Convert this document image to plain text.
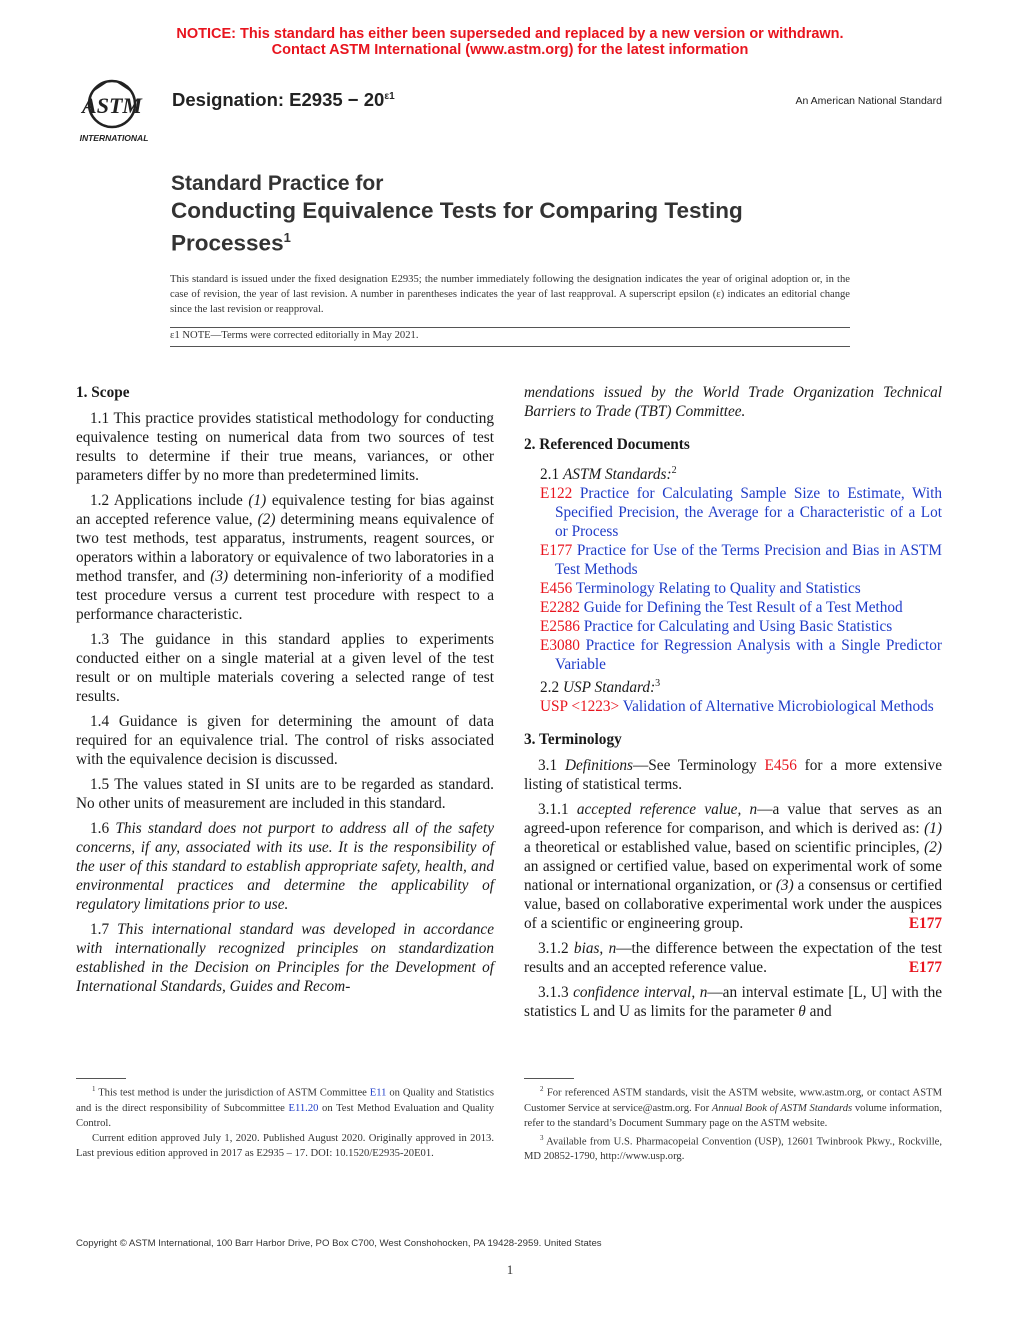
NOTICE: This standard has either been superseded and replaced by a new version or withdrawn.
Contact ASTM International (www.astm.org) for the latest information
ASTM
INTERNATIONAL
Designation: $E2935 - 20^{\varepsilon 1}$	An American National Standard
Standard Practice for
Conducting Equivalence Tests for Comparing Testing
Processes$^1$
This standard is issued under the fixed designation E2935; the number immediately following the designation indicates the year of original adoption or, in the case of revision, the year of last revision. A number in parentheses indicates the year of last reapproval. A superscript epsilon (ε) indicates an editorial change since the last revision or reapproval.
ε1 NOTE—Terms were corrected editorially in May 2021.
1. Scope

1.1 This practice provides statistical methodology for conducting equivalence testing on numerical data from two sources of test results to determine if their true means, variances, or other parameters differ by no more than predetermined limits.

1.2 Applications include (1) equivalence testing for bias against an accepted reference value, (2) determining means equivalence of two test methods, test apparatus, instruments, reagent sources, or operators within a laboratory or equivalence of two laboratories in a method transfer, and (3) determining non-inferiority of a modified test procedure versus a current test procedure with respect to a performance characteristic.

1.3 The guidance in this standard applies to experiments conducted either on a single material at a given level of the test result or on multiple materials covering a selected range of test results.

1.4 Guidance is given for determining the amount of data required for an equivalence trial. The control of risks associated with the equivalence decision is discussed.

1.5 The values stated in SI units are to be regarded as standard. No other units of measurement are included in this standard.

1.6 This standard does not purport to address all of the safety concerns, if any, associated with its use. It is the responsibility of the user of this standard to establish appropriate safety, health, and environmental practices and determine the applicability of regulatory limitations prior to use.

1.7 This international standard was developed in accordance with internationally recognized principles on standardization established in the Decision on Principles for the Development of International Standards, Guides and Recom-

mendations issued by the World Trade Organization Technical Barriers to Trade (TBT) Committee.

2. Referenced Documents

2.1 ASTM Standards:$^2$

E122 Practice for Calculating Sample Size to Estimate, With Specified Precision, the Average for a Characteristic of a Lot or Process

E177 Practice for Use of the Terms Precision and Bias in ASTM Test Methods

E456 Terminology Relating to Quality and Statistics

E2282 Guide for Defining the Test Result of a Test Method

E2586 Practice for Calculating and Using Basic Statistics

E3080 Practice for Regression Analysis with a Single Predictor Variable

2.2 USP Standard:$^3$

USP <1223> Validation of Alternative Microbiological Methods

3. Terminology

3.1 Definitions—See Terminology E456 for a more extensive listing of statistical terms.

3.1.1 accepted reference value, n—a value that serves as an agreed-upon reference for comparison, and which is derived as: (1) a theoretical or established value, based on scientific principles, (2) an assigned or certified value, based on experimental work of some national or international organization, or (3) a consensus or certified value, based on collaborative experimental work under the auspices of a scientific or engineering group.	E177

3.1.2 bias, n—the difference between the expectation of the test results and an accepted reference value.	E177

3.1.3 confidence interval, n—an interval estimate [L, U] with the statistics L and U as limits for the parameter θ and

$^1$ This test method is under the jurisdiction of ASTM Committee E11 on Quality and Statistics and is the direct responsibility of Subcommittee E11.20 on Test Method Evaluation and Quality Control.

Current edition approved July 1, 2020. Published August 2020. Originally approved in 2013. Last previous edition approved in 2017 as E2935 – 17. DOI: 10.1520/E2935-20E01.

$^2$ For referenced ASTM standards, visit the ASTM website, www.astm.org, or contact ASTM Customer Service at service@astm.org. For Annual Book of ASTM Standards volume information, refer to the standard’s Document Summary page on the ASTM website.

$^3$ Available from U.S. Pharmacopeial Convention (USP), 12601 Twinbrook Pkwy., Rockville, MD 20852-1790, http://www.usp.org.

Copyright © ASTM International, 100 Barr Harbor Drive, PO Box C700, West Conshohocken, PA 19428-2959. United States
1
